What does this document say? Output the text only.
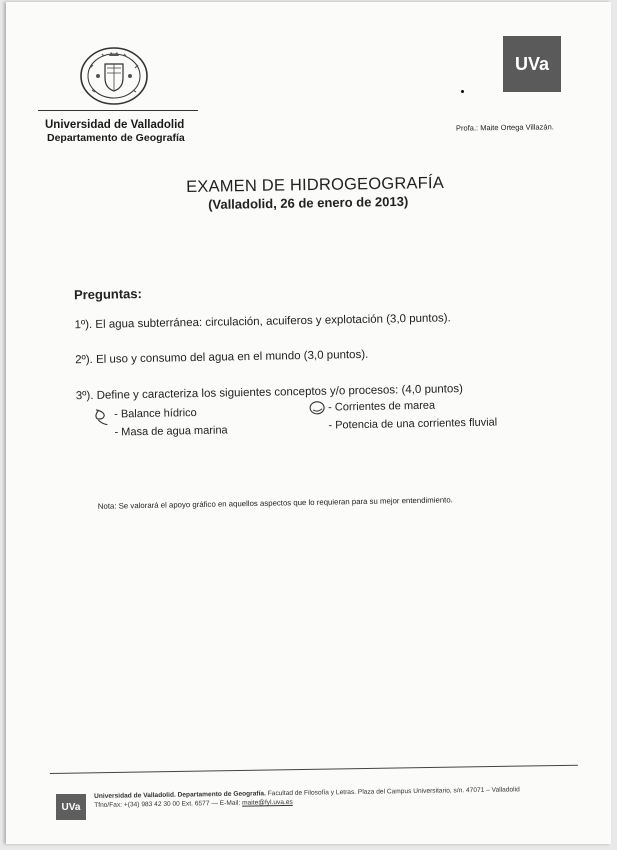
Universidad de Valladolid
Departamento de Geografía
UVa
Profa.: Maite Ortega Villazán.
EXAMEN DE HIDROGEOGRAFÍA
(Valladolid, 26 de enero de 2013)
Preguntas:
1º). El agua subterránea: circulación, acuiferos y explotación (3,0 puntos).
2º). El uso y consumo del agua en el mundo (3,0 puntos).
3º). Define y caracteriza los siguientes conceptos y/o procesos: (4,0 puntos)
- Balance hídrico
- Masa de agua marina
- Corrientes de marea
- Potencia de una corrientes fluvial
Nota: Se valorará el apoyo gráfico en aquellos aspectos que lo requieran para su mejor entendimiento.
UVa
Universidad de Valladolid. Departamento de Geografía. Facultad de Filosofía y Letras. Plaza del Campus Universitario, s/n. 47071 – Valladolid
Tfno/Fax: +(34) 983 42 30 00 Ext. 6577 — E-Mail: maite@fyl.uva.es
